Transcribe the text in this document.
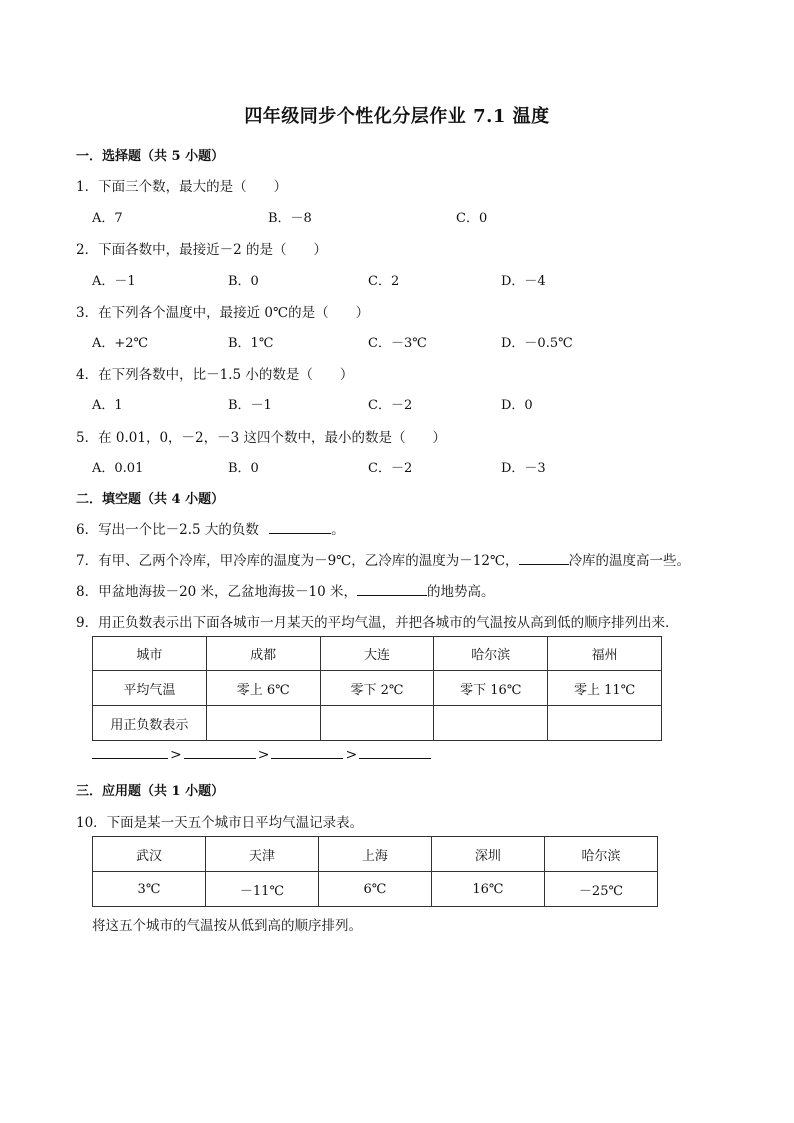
四年级同步个性化分层作业 7.1 温度
一．选择题（共 5 小题）
1．下面三个数，最大的是（　　）
A．7	B．－8	C．0
2．下面各数中，最接近－2 的是（　　）
A．－1	B．0	C．2	D．－4
3．在下列各个温度中，最接近 0℃的是（　　）
A．+2℃	B．1℃	C．－3℃	D．－0.5℃
4．在下列各数中，比－1.5 小的数是（　　）
A．1	B．－1	C．－2	D．0
5．在 0.01，0，－2，－3 这四个数中，最小的数是（　　）
A．0.01	B．0	C．－2	D．－3
二．填空题（共 4 小题）
6．写出一个比－2.5 大的负数	。
7．有甲、乙两个冷库，甲冷库的温度为－9℃，乙冷库的温度为－12℃，	冷库的温度高一些。
8．甲盆地海拔－20 米，乙盆地海拔－10 米，	的地势高。
9．用正负数表示出下面各城市一月某天的平均气温，并把各城市的气温按从高到低的顺序排列出来．
城市	成都	大连	哈尔滨	福州
平均气温	零上 6℃	零下 2℃	零下 16℃	零上 11℃
用正负数表示				
>	>	>
三．应用题（共 1 小题）
10．下面是某一天五个城市日平均气温记录表。
武汉	天津	上海	深圳	哈尔滨
3℃	－11℃	6℃	16℃	－25℃
将这五个城市的气温按从低到高的顺序排列。
